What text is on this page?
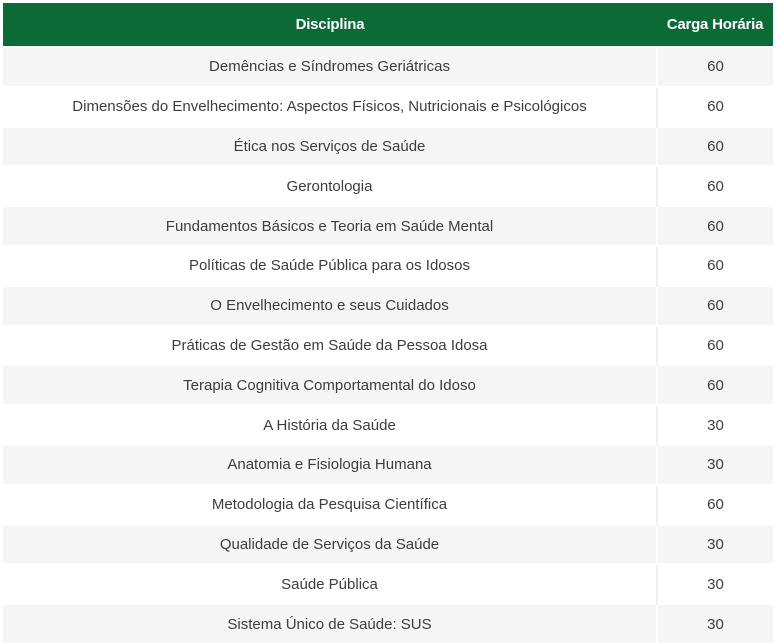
Disciplina	Carga Horária
Demências e Síndromes Geriátricas	60
Dimensões do Envelhecimento: Aspectos Físicos, Nutricionais e Psicológicos	60
Ética nos Serviços de Saúde	60
Gerontologia	60
Fundamentos Básicos e Teoria em Saúde Mental	60
Políticas de Saúde Pública para os Idosos	60
O Envelhecimento e seus Cuidados	60
Práticas de Gestão em Saúde da Pessoa Idosa	60
Terapia Cognitiva Comportamental do Idoso	60
A História da Saúde	30
Anatomia e Fisiologia Humana	30
Metodologia da Pesquisa Científica	60
Qualidade de Serviços da Saúde	30
Saúde Pública	30
Sistema Único de Saúde: SUS	30
